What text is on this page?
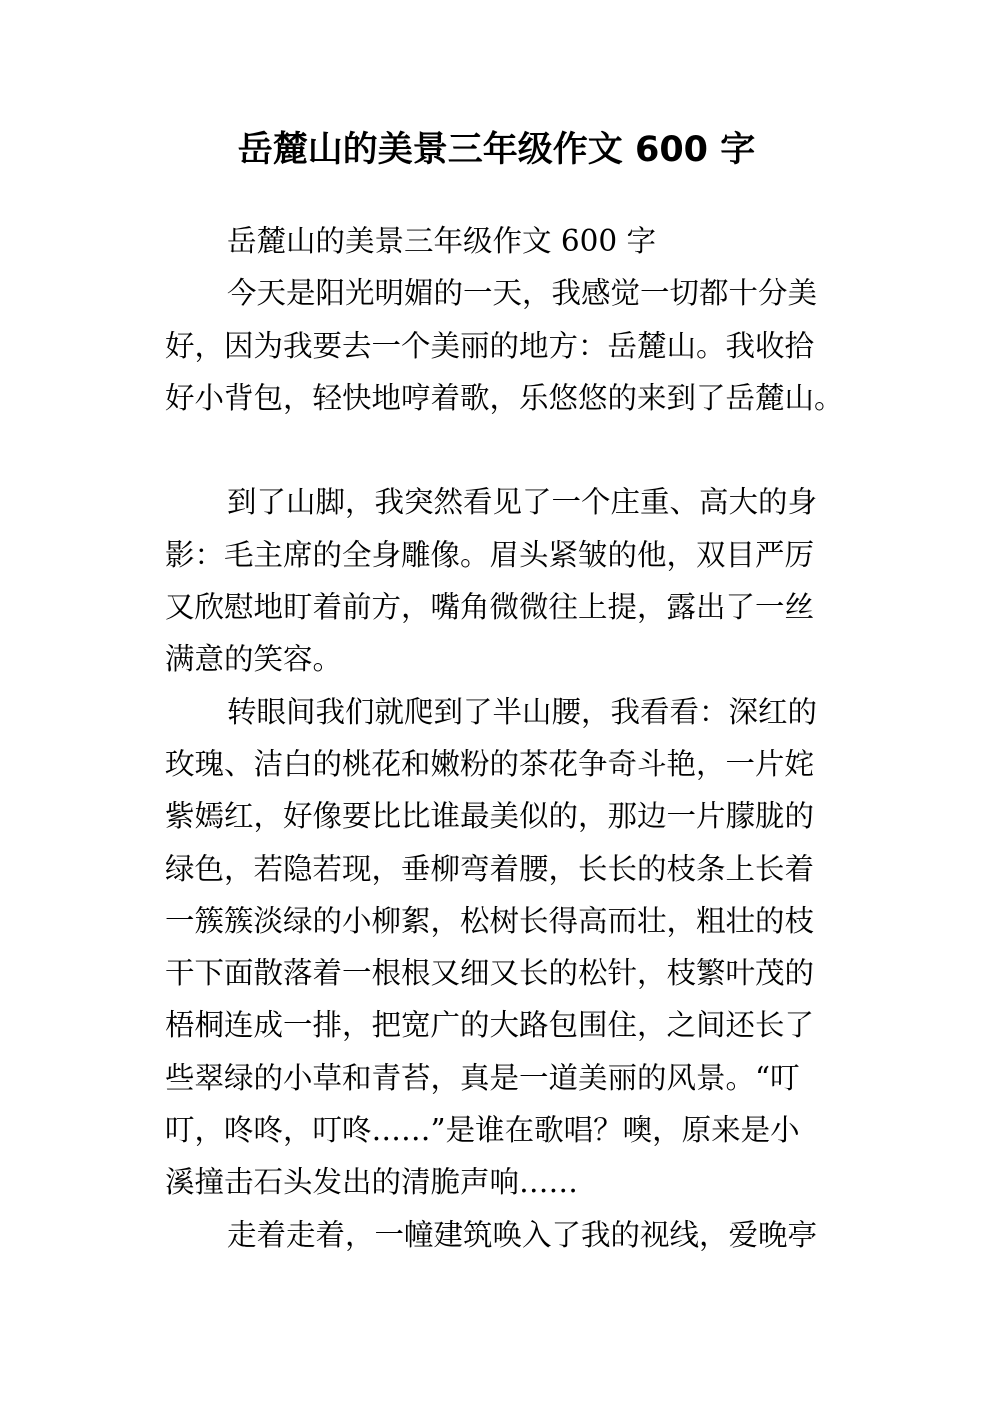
岳麓山的美景三年级作文 600 字
岳麓山的美景三年级作文 600 字
今天是阳光明媚的一天，我感觉一切都十分美
好，因为我要去一个美丽的地方：岳麓山。我收拾
好小背包，轻快地哼着歌，乐悠悠的来到了岳麓山。
到了山脚，我突然看见了一个庄重、高大的身
影：毛主席的全身雕像。眉头紧皱的他，双目严厉
又欣慰地盯着前方，嘴角微微往上提，露出了一丝
满意的笑容。
转眼间我们就爬到了半山腰，我看看：深红的
玫瑰、洁白的桃花和嫩粉的茶花争奇斗艳，一片姹
紫嫣红，好像要比比谁最美似的，那边一片朦胧的
绿色，若隐若现，垂柳弯着腰，长长的枝条上长着
一簇簇淡绿的小柳絮，松树长得高而壮，粗壮的枝
干下面散落着一根根又细又长的松针，枝繁叶茂的
梧桐连成一排，把宽广的大路包围住，之间还长了
些翠绿的小草和青苔，真是一道美丽的风景。“叮
叮，咚咚，叮咚……”是谁在歌唱？噢，原来是小
溪撞击石头发出的清脆声响……
走着走着，一幢建筑唤入了我的视线，爱晚亭
